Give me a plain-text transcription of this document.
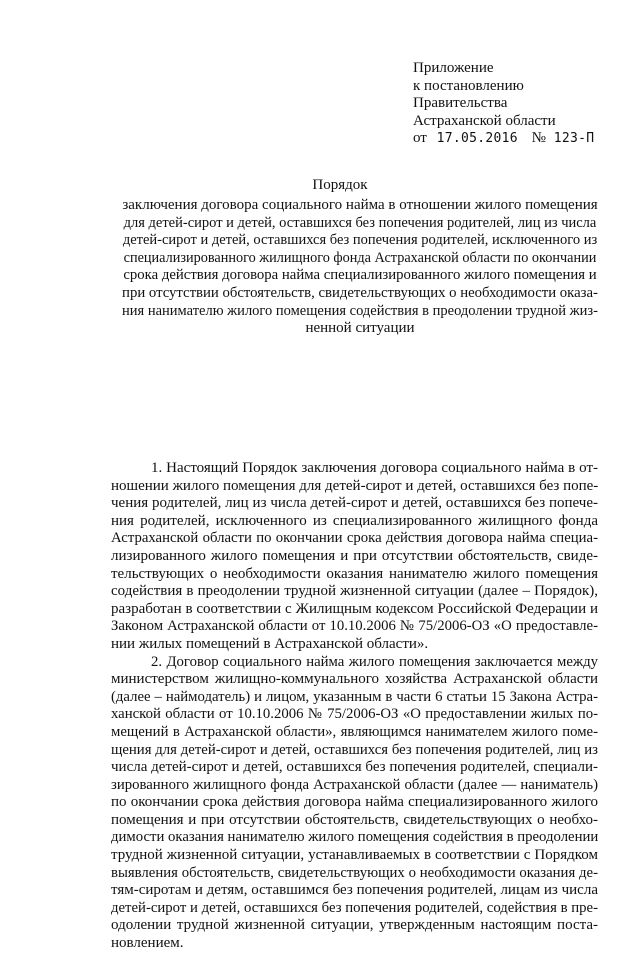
Приложение
к постановлению
Правительства
Астраханской области
от 17.05.2016 № 123-П
Порядок
заключения договора социального найма в отношении жилого помещения
для детей-сирот и детей, оставшихся без попечения родителей, лиц из числа
детей-сирот и детей, оставшихся без попечения родителей, исключенного из
специализированного жилищного фонда Астраханской области по окончании
срока действия договора найма специализированного жилого помещения и
при отсутствии обстоятельств, свидетельствующих о необходимости оказа-
ния нанимателю жилого помещения содействия в преодолении трудной жиз-
ненной ситуации
1. Настоящий Порядок заключения договора социального найма в от-
ношении жилого помещения для детей-сирот и детей, оставшихся без попе-
чения родителей, лиц из числа детей-сирот и детей, оставшихся без попече-
ния родителей, исключенного из специализированного жилищного фонда
Астраханской области по окончании срока действия договора найма специа-
лизированного жилого помещения и при отсутствии обстоятельств, свиде-
тельствующих о необходимости оказания нанимателю жилого помещения
содействия в преодолении трудной жизненной ситуации (далее – Порядок),
разработан в соответствии с Жилищным кодексом Российской Федерации и
Законом Астраханской области от 10.10.2006 № 75/2006-ОЗ «О предоставле-
нии жилых помещений в Астраханской области».
2. Договор социального найма жилого помещения заключается между
министерством жилищно-коммунального хозяйства Астраханской области
(далее – наймодатель) и лицом, указанным в части 6 статьи 15 Закона Астра-
ханской области от 10.10.2006 № 75/2006-ОЗ «О предоставлении жилых по-
мещений в Астраханской области», являющимся нанимателем жилого поме-
щения для детей-сирот и детей, оставшихся без попечения родителей, лиц из
числа детей-сирот и детей, оставшихся без попечения родителей, специали-
зированного жилищного фонда Астраханской области (далее — наниматель)
по окончании срока действия договора найма специализированного жилого
помещения и при отсутствии обстоятельств, свидетельствующих о необхо-
димости оказания нанимателю жилого помещения содействия в преодолении
трудной жизненной ситуации, устанавливаемых в соответствии с Порядком
выявления обстоятельств, свидетельствующих о необходимости оказания де-
тям-сиротам и детям, оставшимся без попечения родителей, лицам из числа
детей-сирот и детей, оставшихся без попечения родителей, содействия в пре-
одолении трудной жизненной ситуации, утвержденным настоящим поста-
новлением.
